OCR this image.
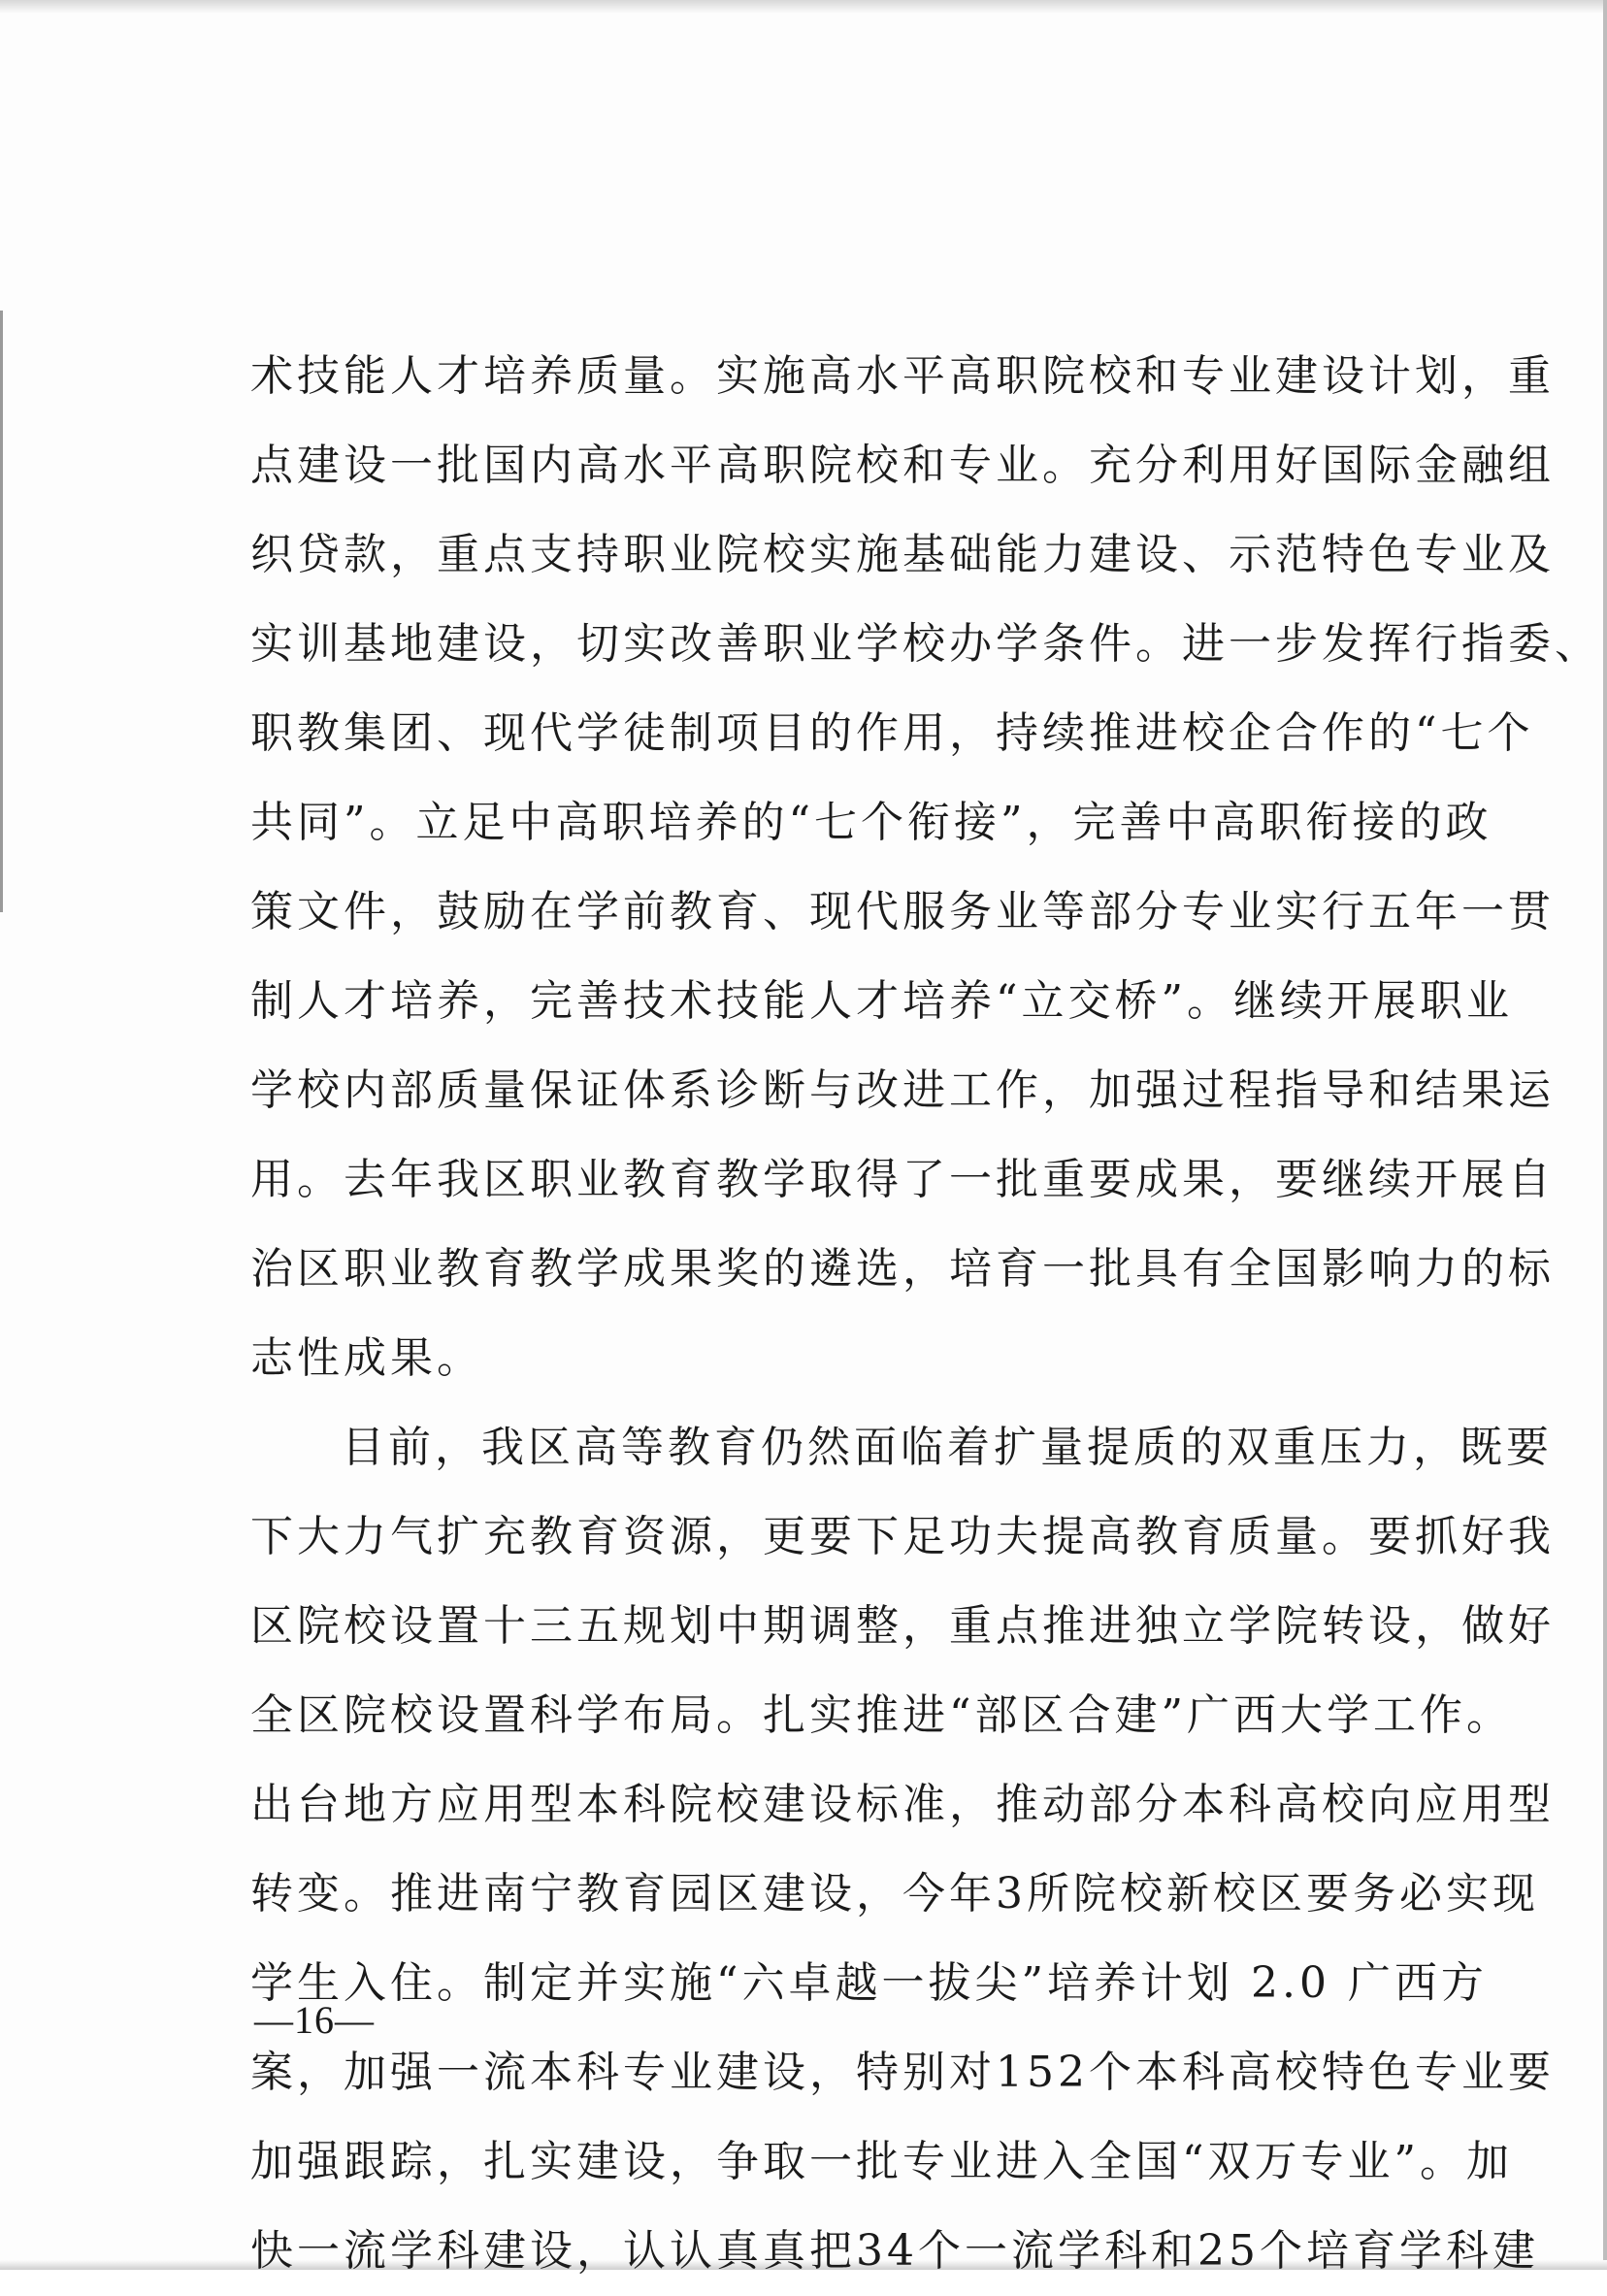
术技能人才培养质量。实施高水平高职院校和专业建设计划，重
点建设一批国内高水平高职院校和专业。充分利用好国际金融组
织贷款，重点支持职业院校实施基础能力建设、示范特色专业及
实训基地建设，切实改善职业学校办学条件。进一步发挥行指委、
职教集团、现代学徒制项目的作用，持续推进校企合作的“七个
共同”。立足中高职培养的“七个衔接”，完善中高职衔接的政
策文件，鼓励在学前教育、现代服务业等部分专业实行五年一贯
制人才培养，完善技术技能人才培养“立交桥”。继续开展职业
学校内部质量保证体系诊断与改进工作，加强过程指导和结果运
用。去年我区职业教育教学取得了一批重要成果，要继续开展自
治区职业教育教学成果奖的遴选，培育一批具有全国影响力的标
志性成果。
目前，我区高等教育仍然面临着扩量提质的双重压力，既要
下大力气扩充教育资源，更要下足功夫提高教育质量。要抓好我
区院校设置十三五规划中期调整，重点推进独立学院转设，做好
全区院校设置科学布局。扎实推进“部区合建”广西大学工作。
出台地方应用型本科院校建设标准，推动部分本科高校向应用型
转变。推进南宁教育园区建设，今年3所院校新校区要务必实现
学生入住。制定并实施“六卓越一拔尖”培养计划 2.0 广西方
案，加强一流本科专业建设，特别对152个本科高校特色专业要
加强跟踪，扎实建设，争取一批专业进入全国“双万专业”。加
快一流学科建设，认认真真把34个一流学科和25个培育学科建
—16—
